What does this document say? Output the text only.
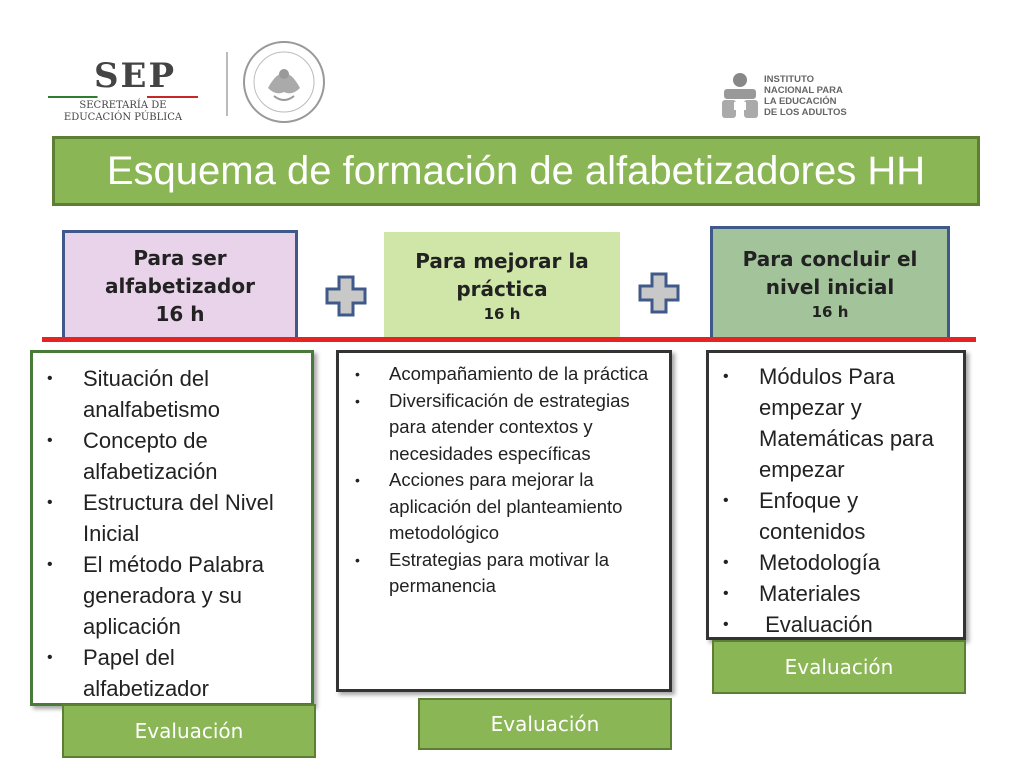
SEP
SECRETARÍA DE
EDUCACIÓN PÚBLICA
INSTITUTO
NACIONAL PARA
LA EDUCACIÓN
DE LOS ADULTOS
Esquema de formación de alfabetizadores HH
Para ser alfabetizador
16 h
Para mejorar la práctica
16 h
Para concluir el nivel inicial
16 h
• Situación del analfabetismo
• Concepto de alfabetización
• Estructura del Nivel Inicial
• El método Palabra generadora y su aplicación
• Papel del alfabetizador
• Acompañamiento de la práctica
• Diversificación de estrategias para atender contextos y necesidades específicas
• Acciones para mejorar la aplicación del planteamiento metodológico
• Estrategias para motivar la permanencia
• Módulos Para empezar y Matemáticas para empezar
• Enfoque y contenidos
• Metodología
• Materiales
•  Evaluación
Evaluación	Evaluación
Evaluación
